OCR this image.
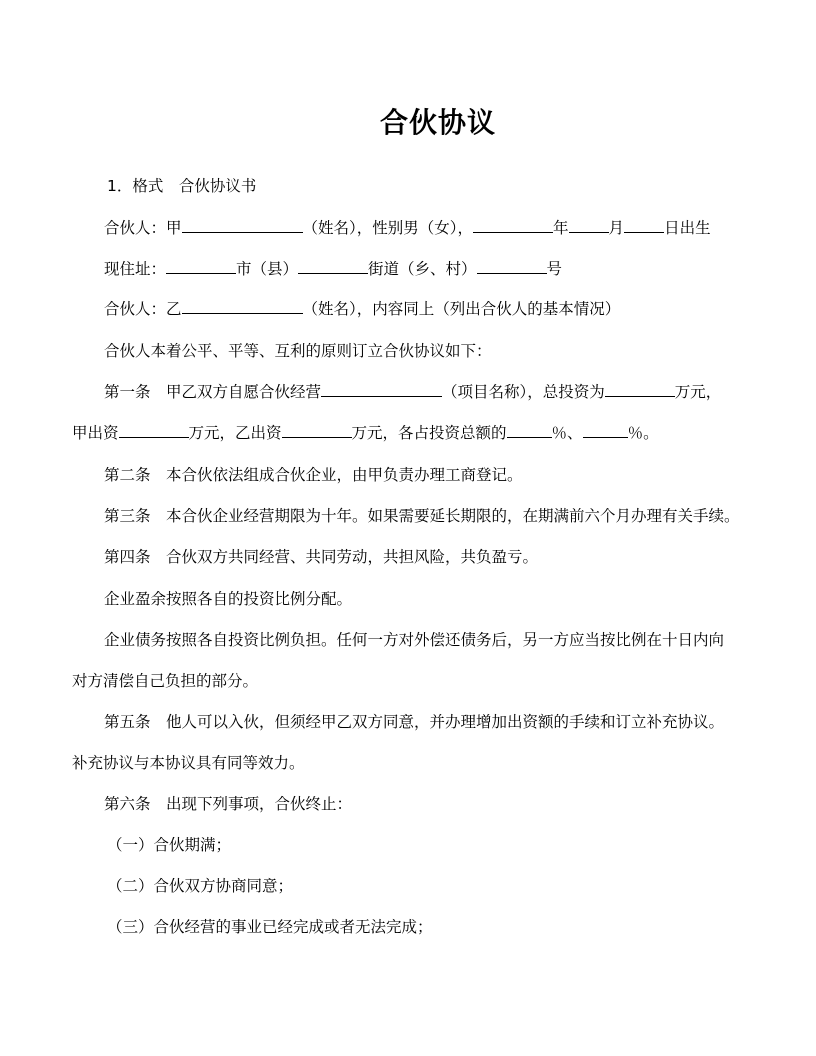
合伙协议
1．格式　合伙协议书
合伙人：甲	（姓名），性别男（女），	年	月	日出生
现住址：	市（县）	街道（乡、村）	号
合伙人：乙	（姓名），内容同上（列出合伙人的基本情况）
合伙人本着公平、平等、互利的原则订立合伙协议如下：
第一条　甲乙双方自愿合伙经营	（项目名称），总投资为	万元，
甲出资	万元，乙出资	万元，各占投资总额的	％、	％。
第二条　本合伙依法组成合伙企业，由甲负责办理工商登记。
第三条　本合伙企业经营期限为十年。如果需要延长期限的，在期满前六个月办理有关手续。
第四条　合伙双方共同经营、共同劳动，共担风险，共负盈亏。
企业盈余按照各自的投资比例分配。
企业债务按照各自投资比例负担。任何一方对外偿还债务后，另一方应当按比例在十日内向
对方清偿自己负担的部分。
第五条　他人可以入伙，但须经甲乙双方同意，并办理增加出资额的手续和订立补充协议。
补充协议与本协议具有同等效力。
第六条　出现下列事项，合伙终止：
（一）合伙期满；
（二）合伙双方协商同意；
（三）合伙经营的事业已经完成或者无法完成；
